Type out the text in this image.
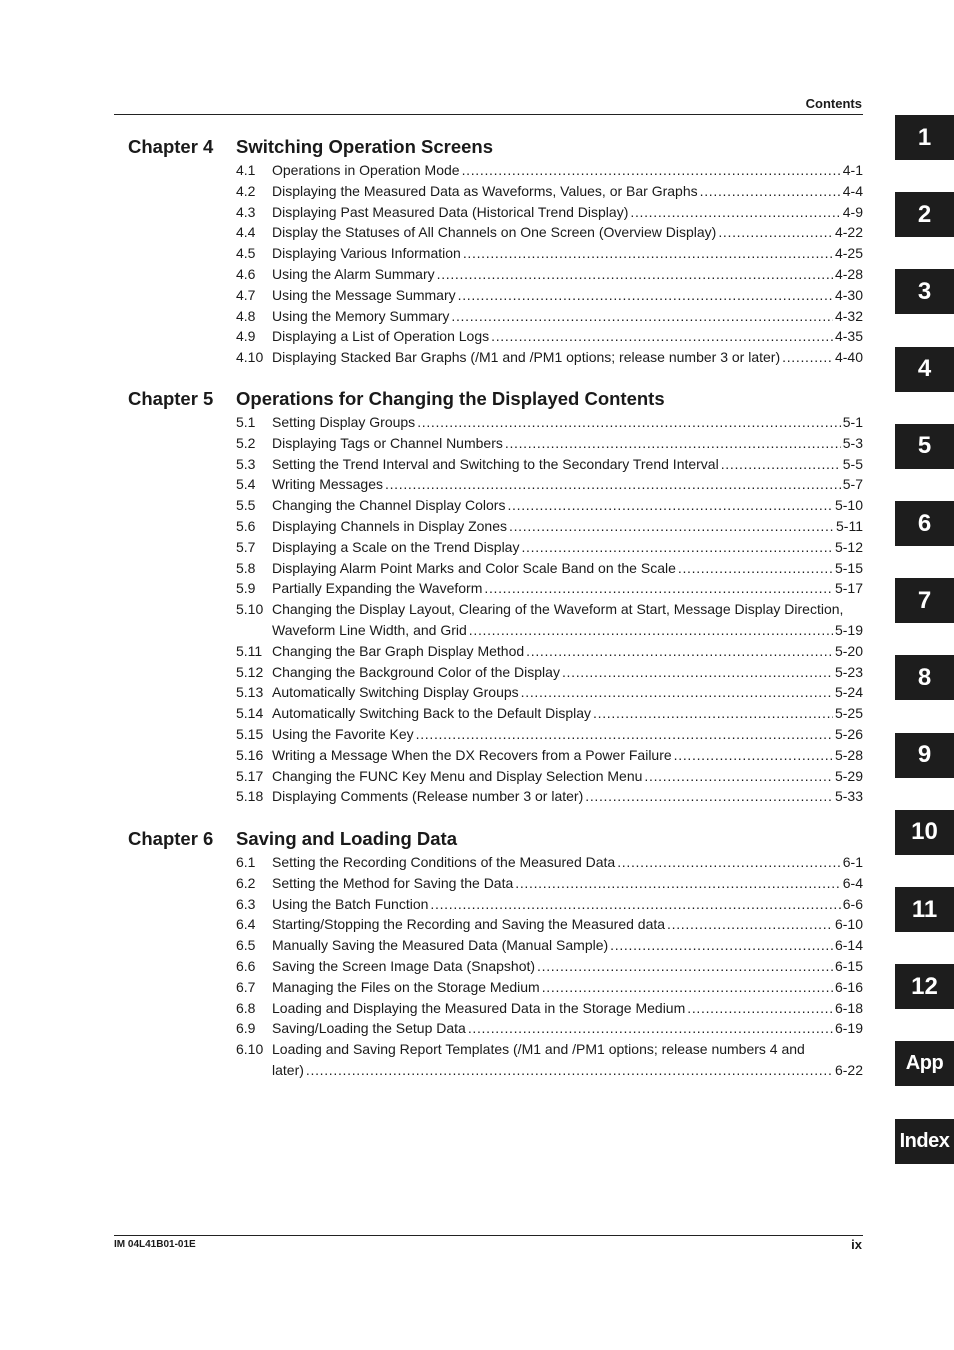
Contents
Chapter 4 Switching Operation Screens
4.1 Operations in Operation Mode . . .	4-1
4.2 Displaying the Measured Data as Waveforms, Values, or Bar Graphs . . .	4-4
4.3 Displaying Past Measured Data (Historical Trend Display) . . .	4-9
4.4 Display the Statuses of All Channels on One Screen (Overview Display) . . .	4-22
4.5 Displaying Various Information . . .	4-25
4.6 Using the Alarm Summary . . .	4-28
4.7 Using the Message Summary . . .	4-30
4.8 Using the Memory Summary . . .	4-32
4.9 Displaying a List of Operation Logs . . .	4-35
4.10 Displaying Stacked Bar Graphs (/M1 and /PM1 options; release number 3 or later) . . .	4-40
Chapter 5 Operations for Changing the Displayed Contents
5.1 Setting Display Groups . . .	5-1
5.2 Displaying Tags or Channel Numbers . . .	5-3
5.3 Setting the Trend Interval and Switching to the Secondary Trend Interval . . .	5-5
5.4 Writing Messages . . .	5-7
5.5 Changing the Channel Display Colors . . .	5-10
5.6 Displaying Channels in Display Zones . . .	5-11
5.7 Displaying a Scale on the Trend Display . . .	5-12
5.8 Displaying Alarm Point Marks and Color Scale Band on the Scale . . .	5-15
5.9 Partially Expanding the Waveform . . .	5-17
5.10 Changing the Display Layout, Clearing of the Waveform at Start, Message Display Direction,
Waveform Line Width, and Grid . . .	5-19
5.11 Changing the Bar Graph Display Method . . .	5-20
5.12 Changing the Background Color of the Display . . .	5-23
5.13 Automatically Switching Display Groups . . .	5-24
5.14 Automatically Switching Back to the Default Display . . .	5-25
5.15 Using the Favorite Key . . .	5-26
5.16 Writing a Message When the DX Recovers from a Power Failure . . .	5-28
5.17 Changing the FUNC Key Menu and Display Selection Menu . . .	5-29
5.18 Displaying Comments (Release number 3 or later) . . .	5-33
Chapter 6 Saving and Loading Data
6.1 Setting the Recording Conditions of the Measured Data . . .	6-1
6.2 Setting the Method for Saving the Data . . .	6-4
6.3 Using the Batch Function . . .	6-6
6.4 Starting/Stopping the Recording and Saving the Measured data . . .	6-10
6.5 Manually Saving the Measured Data (Manual Sample) . . .	6-14
6.6 Saving the Screen Image Data (Snapshot) . . .	6-15
6.7 Managing the Files on the Storage Medium . . .	6-16
6.8 Loading and Displaying the Measured Data in the Storage Medium . . .	6-18
6.9 Saving/Loading the Setup Data . . .	6-19
6.10 Loading and Saving Report Templates (/M1 and /PM1 options; release numbers 4 and
later) . . .	6-22
IM 04L41B01-01E	ix
1
2
3
4
5
6
7
8
9
10
11
12
App
Index
